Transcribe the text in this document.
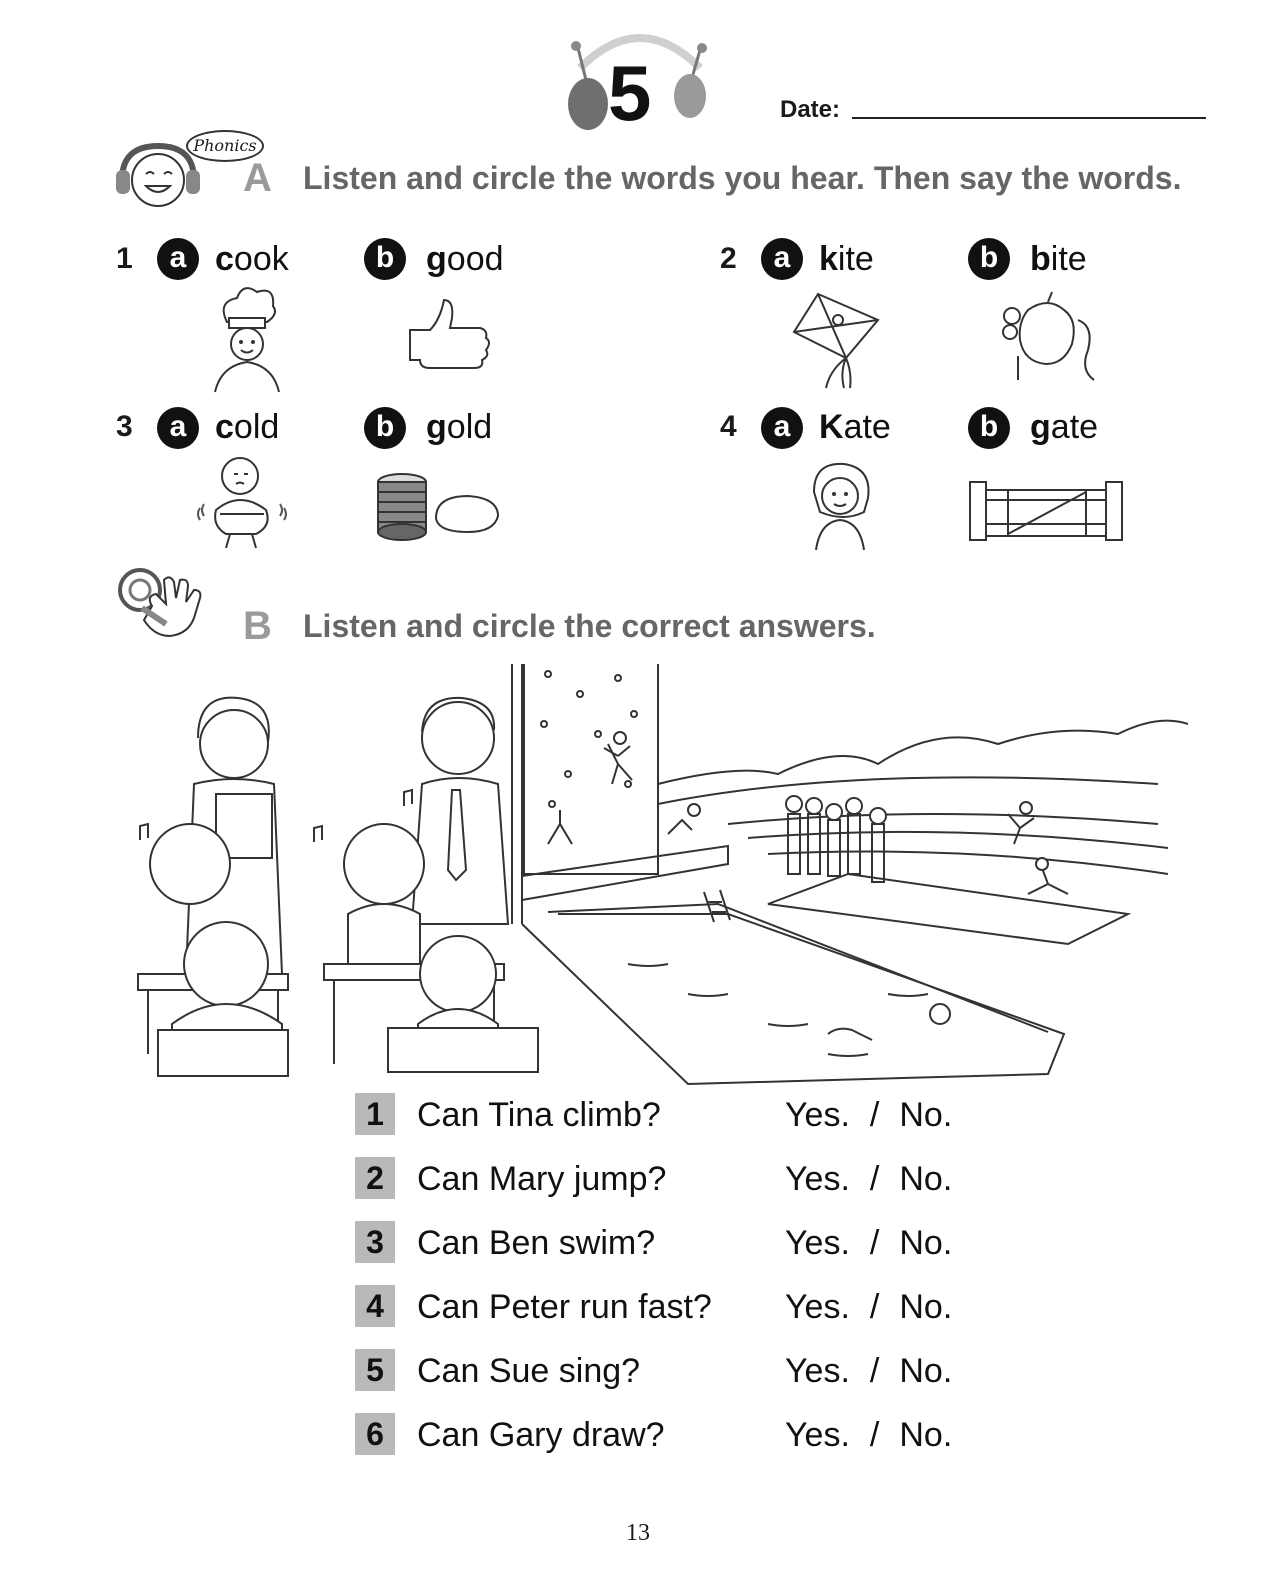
5	Date:
Phonics
A Listen and circle the words you hear. Then say the words.
1	a cook	b good	2	a kite	b bite
3	a cold	b gold	4	a Kate	b gate
B Listen and circle the correct answers.
1 Can Tina climb?	Yes. / No.
2 Can Mary jump?	Yes. / No.
3 Can Ben swim?	Yes. / No.
4 Can Peter run fast? Yes. / No.
5 Can Sue sing?	Yes. / No.
6 Can Gary draw?	Yes. / No.
13
